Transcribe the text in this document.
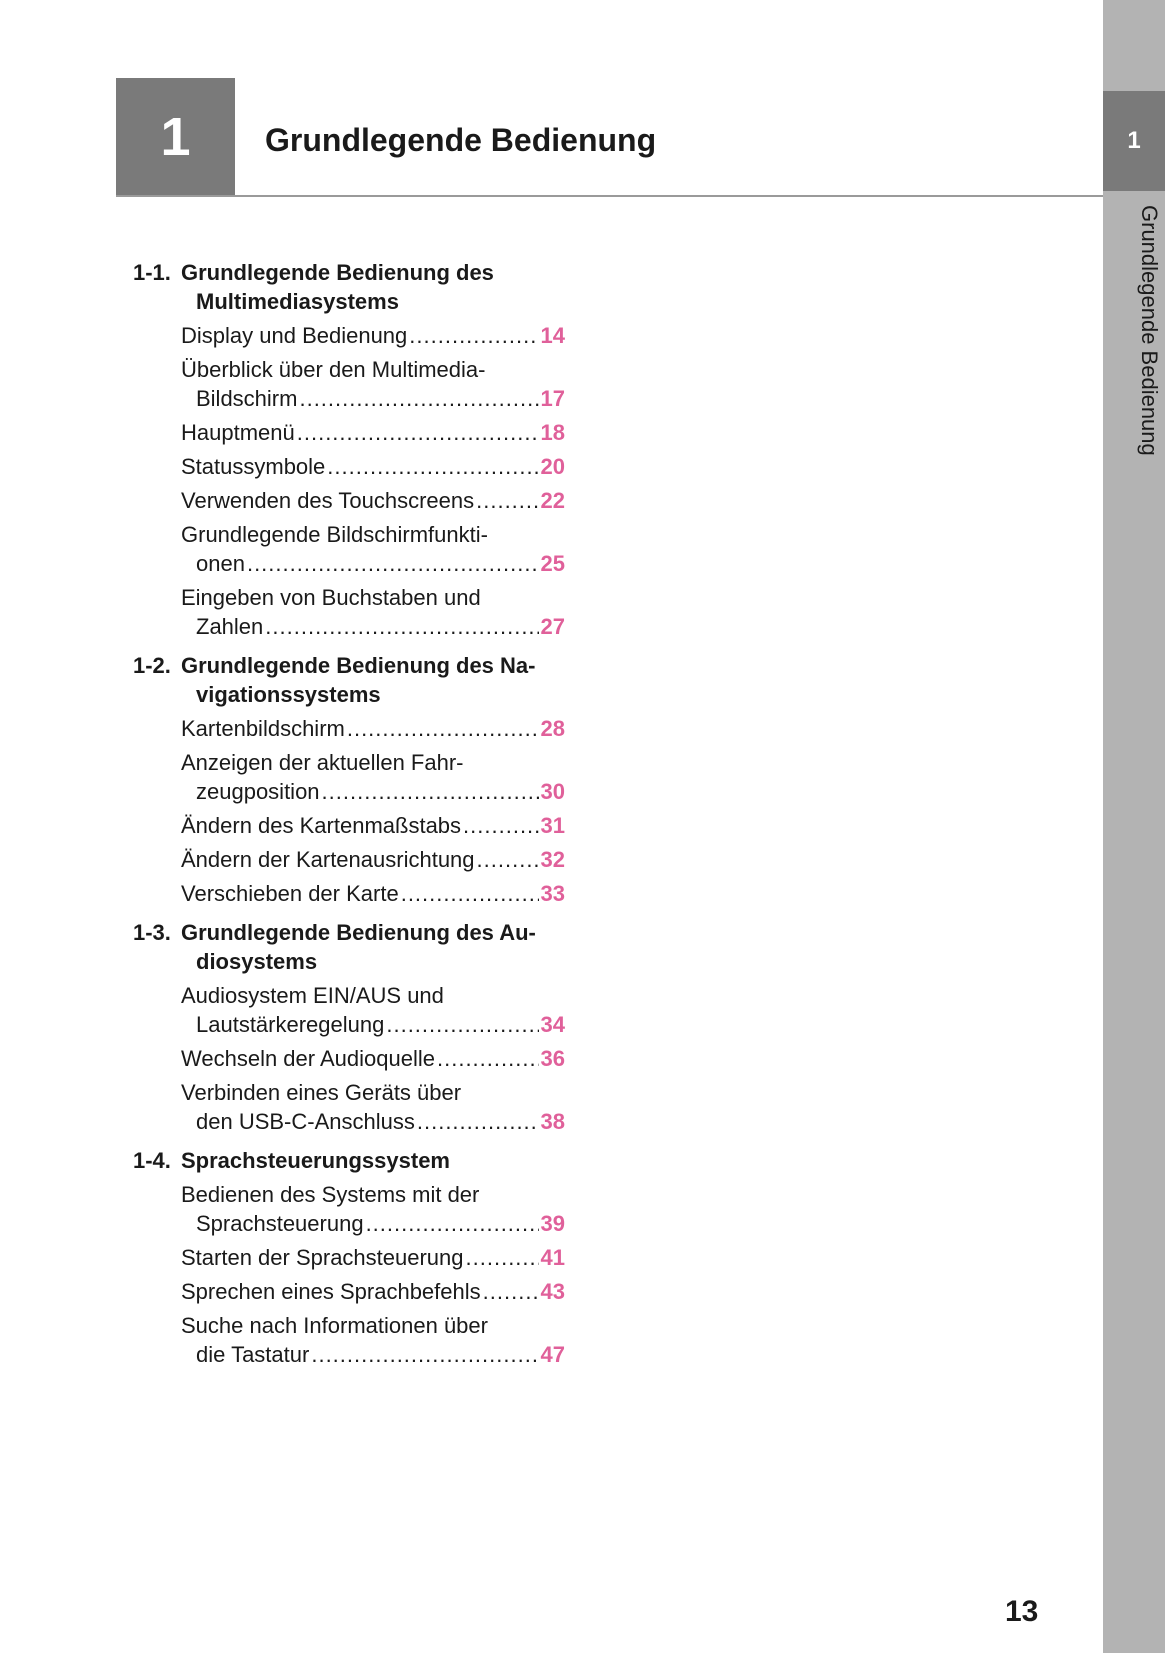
1
Grundlegende Bedienung
1	Grundlegende Bedienung
1-1. Grundlegende Bedienung des
Multimediasystems
Display und Bedienung .....	14
Überblick über den Multimedia-
Bildschirm .....	17
Hauptmenü .....	18
Statussymbole .....	20
Verwenden des Touchscreens .....	22
Grundlegende Bildschirmfunkti-
onen .....	25
Eingeben von Buchstaben und
Zahlen .....	27
1-2. Grundlegende Bedienung des Na-
vigationssystems
Kartenbildschirm .....	28
Anzeigen der aktuellen Fahr-
zeugposition .....	30
Ändern des Kartenmaßstabs .....	31
Ändern der Kartenausrichtung .....	32
Verschieben der Karte .....	33
1-3. Grundlegende Bedienung des Au-
diosystems
Audiosystem EIN/AUS und
Lautstärkeregelung .....	34
Wechseln der Audioquelle .....	36
Verbinden eines Geräts über
den USB-C-Anschluss .....	38
1-4. Sprachsteuerungssystem
Bedienen des Systems mit der
Sprachsteuerung .....	39
Starten der Sprachsteuerung .....	41
Sprechen eines Sprachbefehls .....	43
Suche nach Informationen über
die Tastatur .....	47
13
